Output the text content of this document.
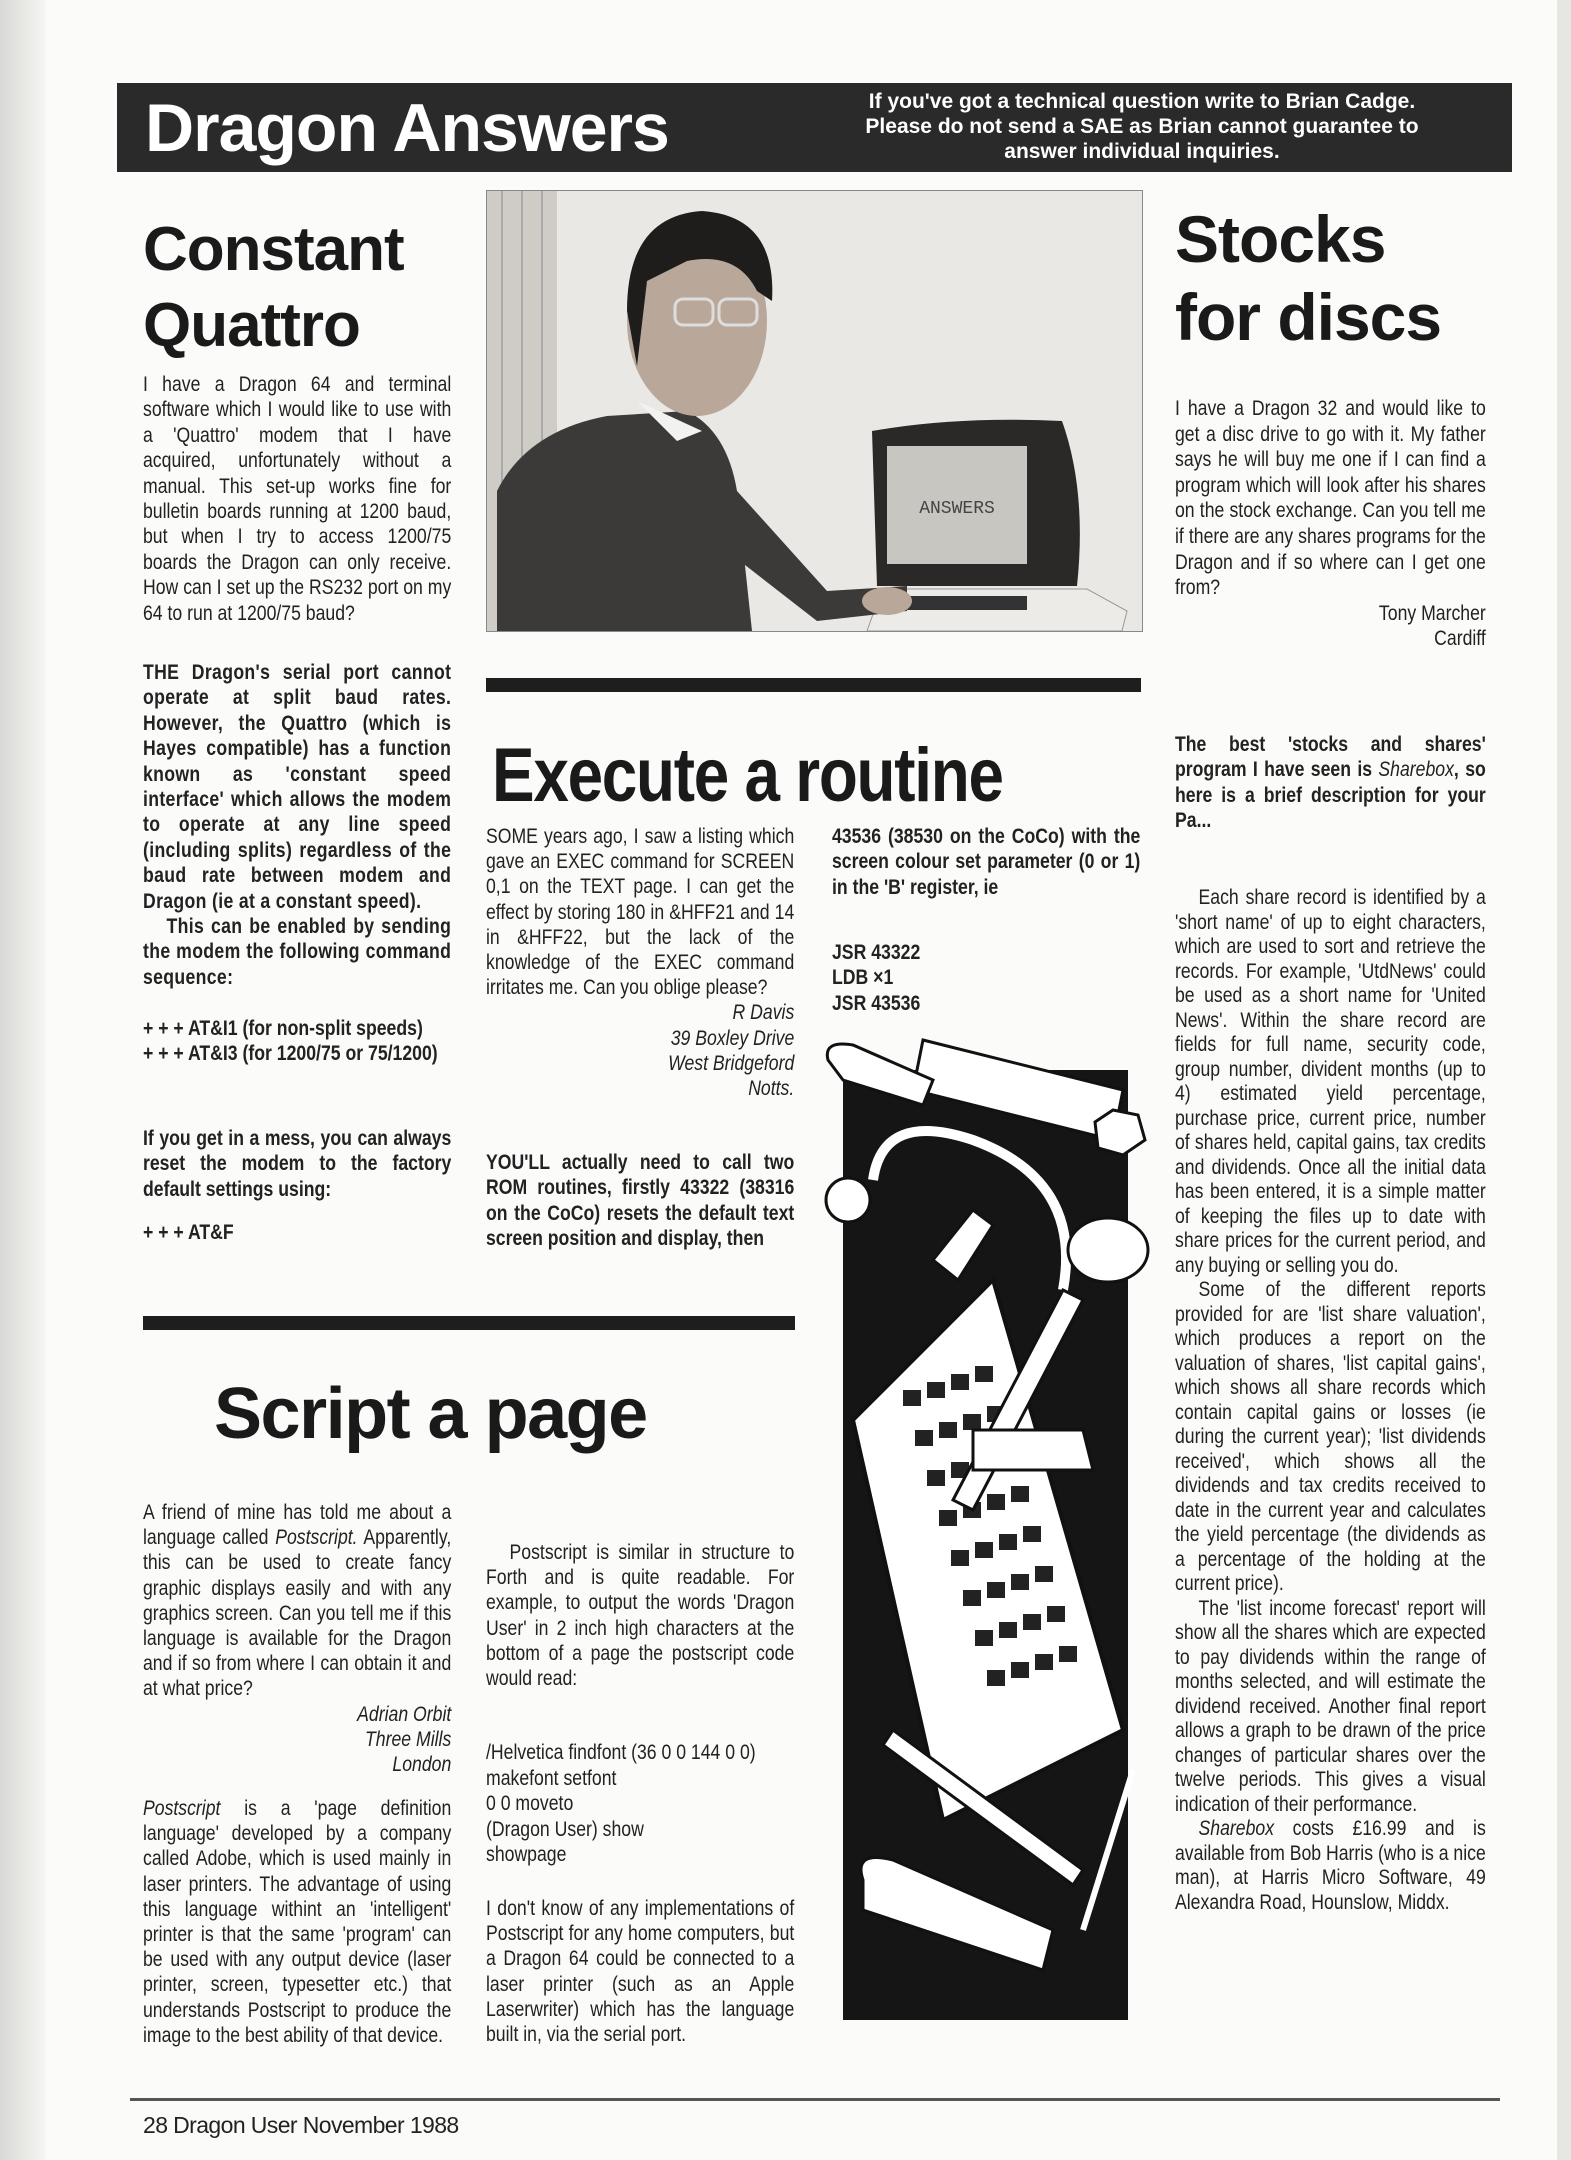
Dragon Answers	If you've got a technical question write to Brian Cadge. Please do not send a SAE as Brian cannot guarantee to answer individual inquiries.
Constant
Quattro

I have a Dragon 64 and terminal software which I would like to use with a 'Quattro' modem that I have acquired, unfortunately without a manual. This set-up works fine for bulletin boards running at 1200 baud, but when I try to access 1200/75 boards the Dragon can only receive. How can I set up the RS232 port on my 64 to run at 1200/75 baud?

THE Dragon's serial port cannot operate at split baud rates. However, the Quattro (which is Hayes compatible) has a function known as 'constant speed interface' which allows the modem to operate at any line speed (including splits) regardless of the baud rate between modem and Dragon (ie at a constant speed).

This can be enabled by sending the modem the following command sequence:

+ + + AT&I1 (for non-split speeds)

+ + + AT&I3 (for 1200/75 or 75/1200)

If you get in a mess, you can always reset the modem to the factory default settings using:

+ + + AT&F

ANSWERS
Stocks
for discs

I have a Dragon 32 and would like to get a disc drive to go with it. My father says he will buy me one if I can find a program which will look after his shares on the stock exchange. Can you tell me if there are any shares programs for the Dragon and if so where can I get one from?

Tony Marcher

Cardiff

The best 'stocks and shares' program I have seen is Sharebox, so here is a brief description for your Pa...

Each share record is identified by a 'short name' of up to eight characters, which are used to sort and retrieve the records. For example, 'UtdNews' could be used as a short name for 'United News'. Within the share record are fields for full name, security code, group number, divident months (up to 4) estimated yield percentage, purchase price, current price, number of shares held, capital gains, tax credits and dividends. Once all the initial data has been entered, it is a simple matter of keeping the files up to date with share prices for the current period, and any buying or selling you do.

Some of the different reports provided for are 'list share valuation', which produces a report on the valuation of shares, 'list capital gains', which shows all share records which contain capital gains or losses (ie during the current year); 'list dividends received', which shows all the dividends and tax credits received to date in the current year and calculates the yield percentage (the dividends as a percentage of the holding at the current price).

The 'list income forecast' report will show all the shares which are expected to pay dividends within the range of months selected, and will estimate the dividend received. Another final report allows a graph to be drawn of the price changes of particular shares over the twelve periods. This gives a visual indication of their performance.

Sharebox costs £16.99 and is available from Bob Harris (who is a nice man), at Harris Micro Software, 49 Alexandra Road, Hounslow, Middx.

Execute a routine

SOME years ago, I saw a listing which gave an EXEC command for SCREEN 0,1 on the TEXT page. I can get the effect by storing 180 in &HFF21 and 14 in &HFF22, but the lack of the knowledge of the EXEC command irritates me. Can you oblige please?

R Davis

39 Boxley Drive

West Bridgeford

Notts.

YOU'LL actually need to call two ROM routines, firstly 43322 (38316 on the CoCo) resets the default text screen position and display, then

43536 (38530 on the CoCo) with the screen colour set parameter (0 or 1) in the 'B' register, ie

JSR 43322

LDB ×1

JSR 43536

Script a page

A friend of mine has told me about a language called Postscript. Apparently, this can be used to create fancy graphic displays easily and with any graphics screen. Can you tell me if this language is available for the Dragon and if so from where I can obtain it and at what price?

Adrian Orbit

Three Mills

London

Postscript is a 'page definition language' developed by a company called Adobe, which is used mainly in laser printers. The advantage of using this language withint an 'intelligent' printer is that the same 'program' can be used with any output device (laser printer, screen, typesetter etc.) that understands Postscript to produce the image to the best ability of that device.

Postscript is similar in structure to Forth and is quite readable. For example, to output the words 'Dragon User' in 2 inch high characters at the bottom of a page the postscript code would read:

/Helvetica findfont (36 0 0 144 0 0)

makefont setfont

0 0 moveto

(Dragon User) show

showpage

I don't know of any implementations of Postscript for any home computers, but a Dragon 64 could be connected to a laser printer (such as an Apple Laserwriter) which has the language built in, via the serial port.

28 Dragon User November 1988
